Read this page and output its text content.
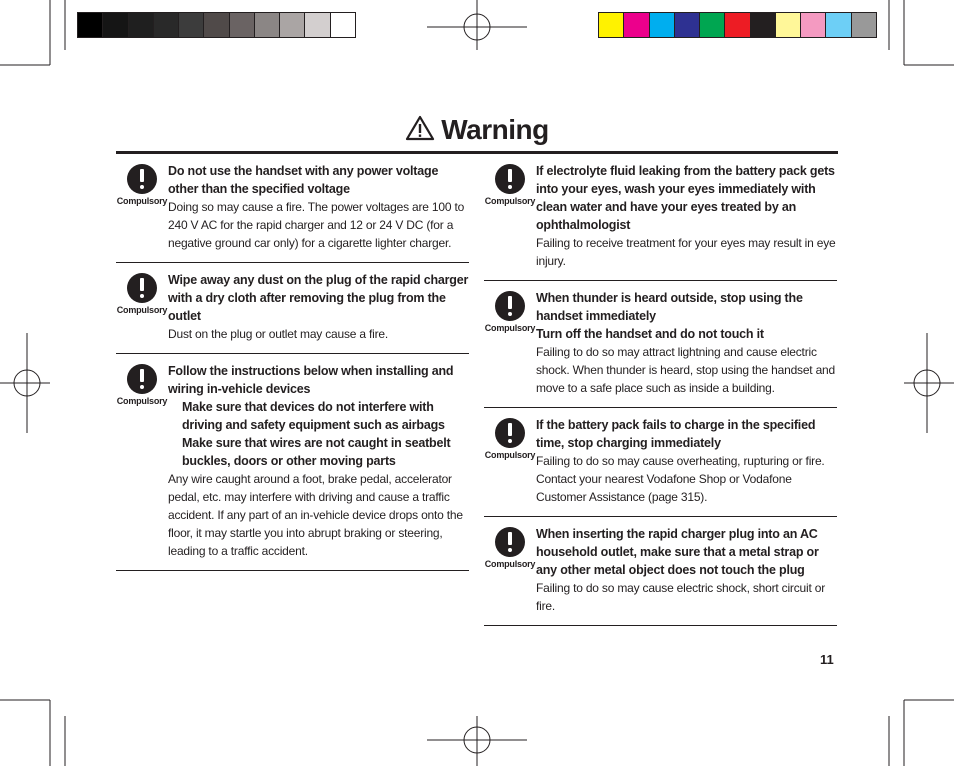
Warning
Compulsory
Do not use the handset with any power voltage other than the specified voltage
Doing so may cause a fire. The power voltages are 100 to 240 V AC for the rapid charger and 12 or 24 V DC (for a negative ground car only) for a cigarette lighter charger.
Compulsory
Wipe away any dust on the plug of the rapid charger with a dry cloth after removing the plug from the outlet
Dust on the plug or outlet may cause a fire.
Compulsory
Follow the instructions below when installing and wiring in-vehicle devices
Make sure that devices do not interfere with driving and safety equipment such as airbags
Make sure that wires are not caught in seatbelt buckles, doors or other moving parts
Any wire caught around a foot, brake pedal, accelerator pedal, etc. may interfere with driving and cause a traffic accident. If any part of an in-vehicle device drops onto the floor, it may startle you into abrupt braking or steering, leading to a traffic accident.
Compulsory
If electrolyte fluid leaking from the battery pack gets into your eyes, wash your eyes immediately with clean water and have your eyes treated by an ophthalmologist
Failing to receive treatment for your eyes may result in eye injury.
Compulsory
When thunder is heard outside, stop using the handset immediately
Turn off the handset and do not touch it
Failing to do so may attract lightning and cause electric shock. When thunder is heard, stop using the handset and move to a safe place such as inside a building.
Compulsory
If the battery pack fails to charge in the specified time, stop charging immediately
Failing to do so may cause overheating, rupturing or fire. Contact your nearest Vodafone Shop or Vodafone Customer Assistance (page 315).
Compulsory
When inserting the rapid charger plug into an AC household outlet, make sure that a metal strap or any other metal object does not touch the plug
Failing to do so may cause electric shock, short circuit or fire.
11
